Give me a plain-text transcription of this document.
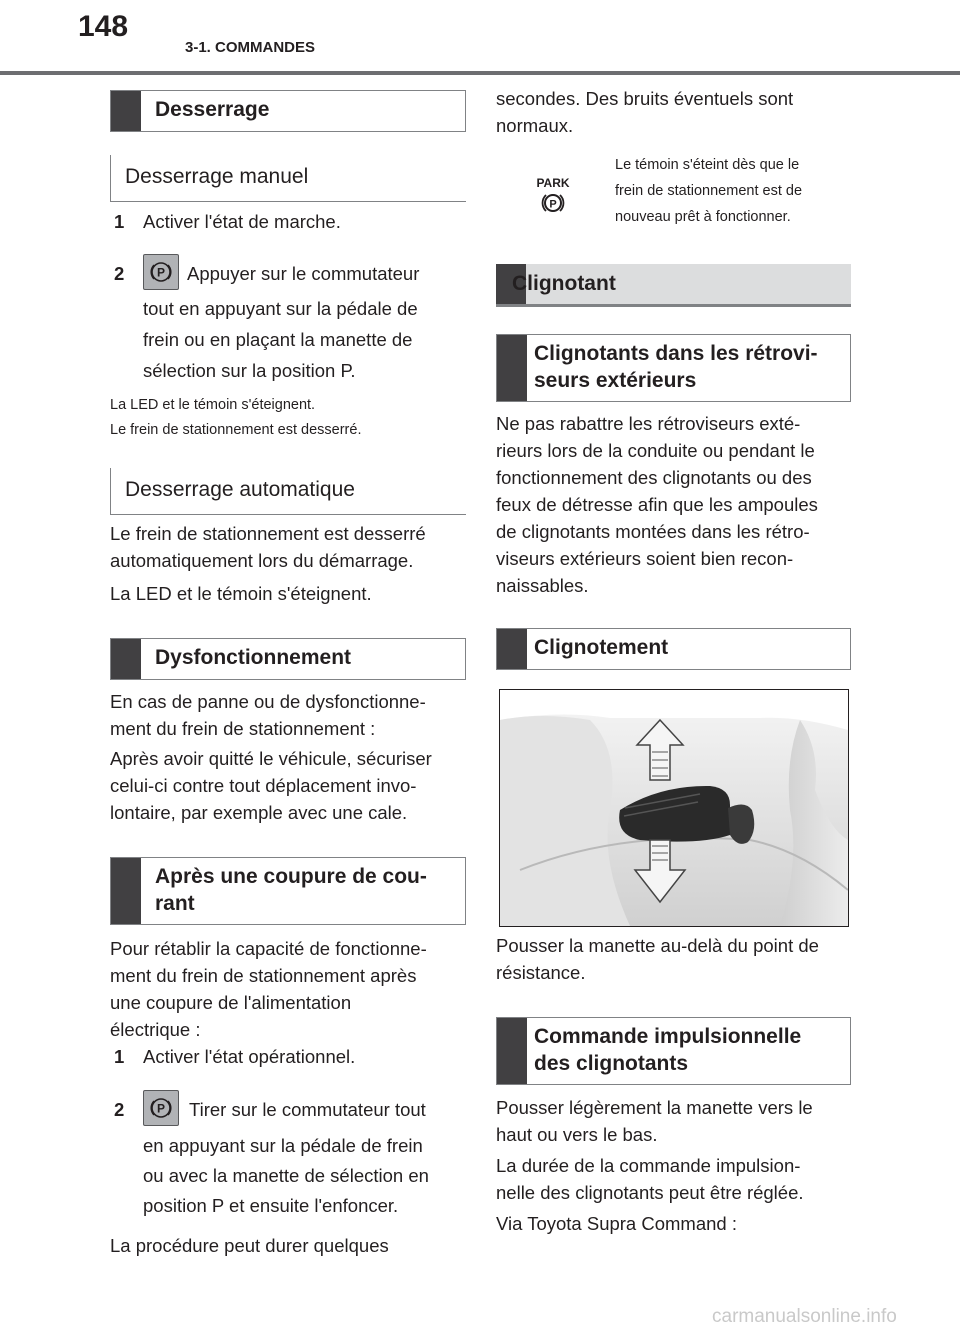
148
3-1. COMMANDES
Desserrage
Desserrage manuel
1 Activer l'état de marche.
2	P Appuyer sur le commutateur
tout en appuyant sur la pédale de
frein ou en plaçant la manette de
sélection sur la position P.
La LED et le témoin s'éteignent.
Le frein de stationnement est desserré.
Desserrage automatique
Le frein de stationnement est desserré
automatiquement lors du démarrage.
La LED et le témoin s'éteignent.
Dysfonctionnement
En cas de panne ou de dysfonctionne-
ment du frein de stationnement :
Après avoir quitté le véhicule, sécuriser
celui-ci contre tout déplacement invo-
lontaire, par exemple avec une cale.
Après une coupure de cou-
rant
Pour rétablir la capacité de fonctionne-
ment du frein de stationnement après
une coupure de l'alimentation
électrique :
1 Activer l'état opérationnel.
2	P Tirer sur le commutateur tout
en appuyant sur la pédale de frein
ou avec la manette de sélection en
position P et ensuite l'enfoncer.
La procédure peut durer quelques
secondes. Des bruits éventuels sont
normaux.
PARK
P
Le témoin s'éteint dès que le
frein de stationnement est de
nouveau prêt à fonctionner.
Clignotant
Clignotants dans les rétrovi-
seurs extérieurs
Ne pas rabattre les rétroviseurs exté-
rieurs lors de la conduite ou pendant le
fonctionnement des clignotants ou des
feux de détresse afin que les ampoules
de clignotants montées dans les rétro-
viseurs extérieurs soient bien recon-
naissables.
Clignotement
Pousser la manette au-delà du point de
résistance.
Commande impulsionnelle
des clignotants
Pousser légèrement la manette vers le
haut ou vers le bas.
La durée de la commande impulsion-
nelle des clignotants peut être réglée.
Via Toyota Supra Command :
carmanualsonline.info
